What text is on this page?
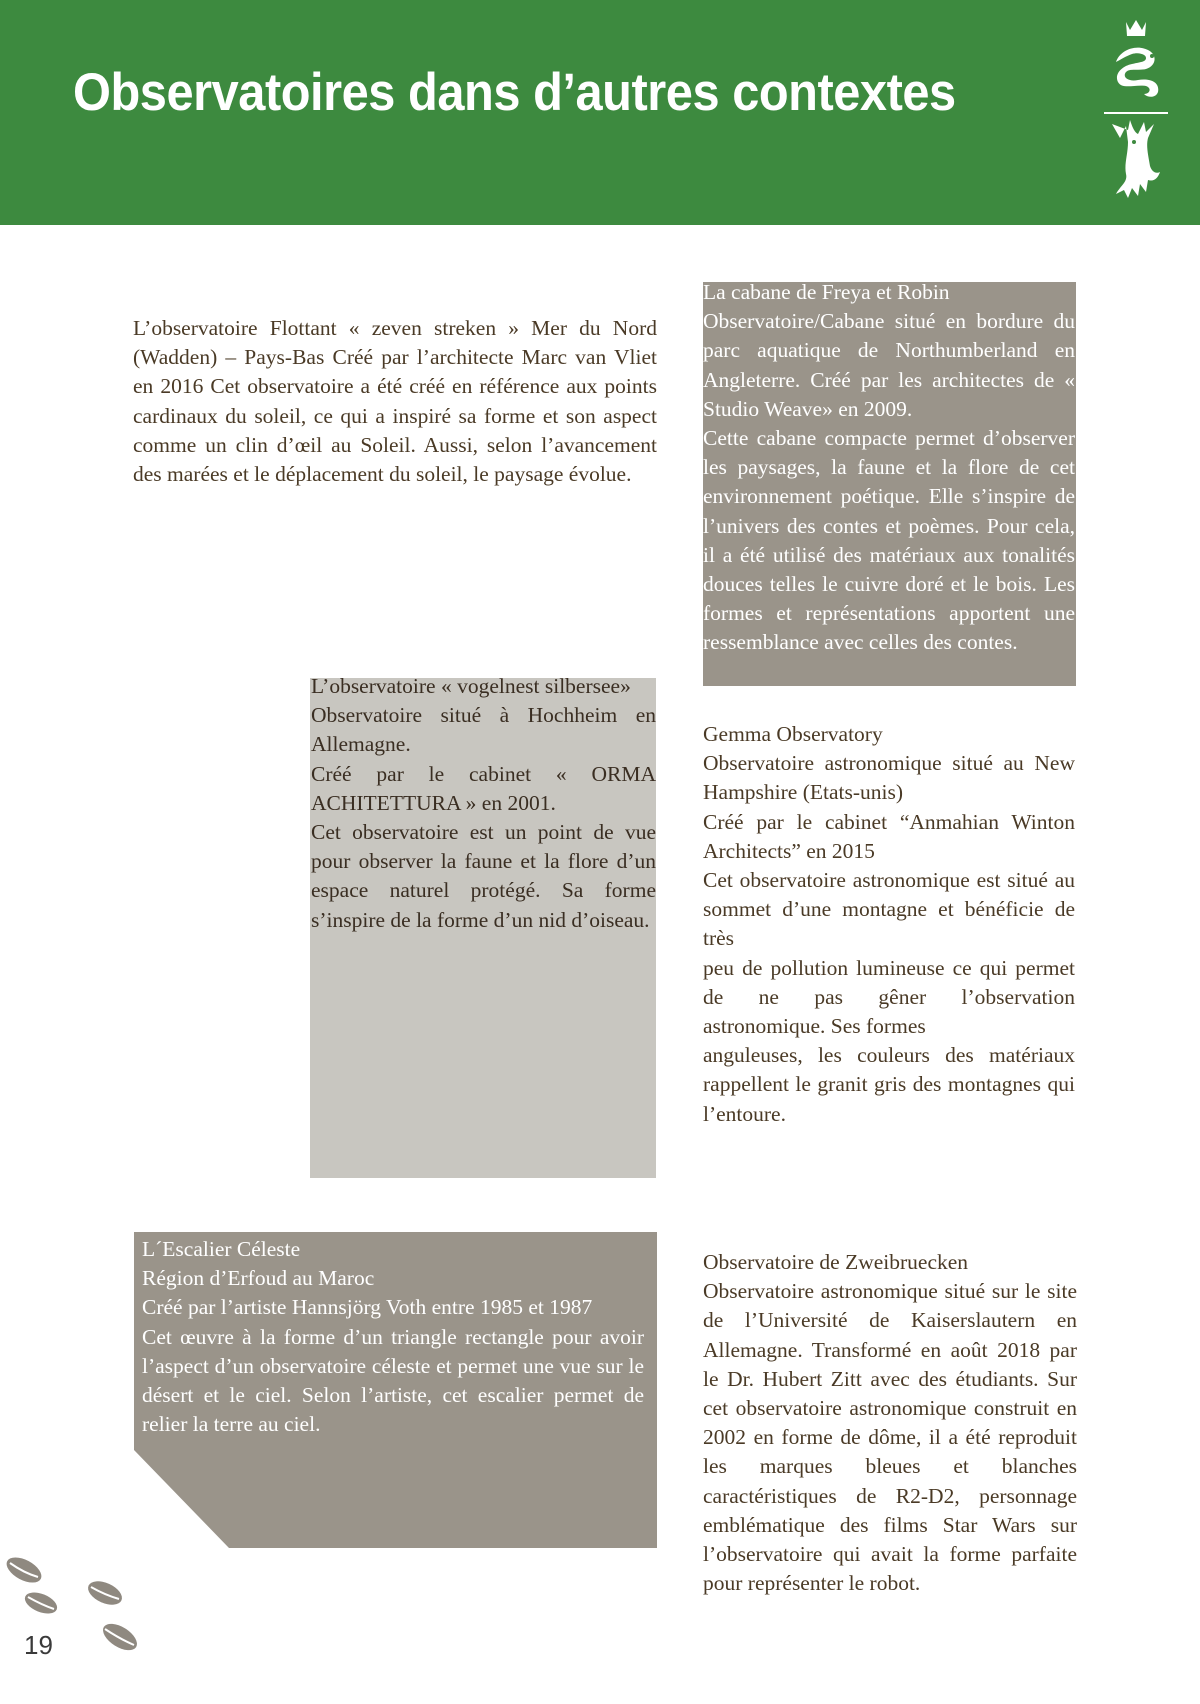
Observatoires dans d’autres contextes

L’observatoire Flottant « zeven streken » Mer du Nord (Wadden) – Pays-Bas Créé par l’architecte Marc van Vliet en 2016 Cet observatoire a été créé en référence aux points cardinaux du soleil, ce qui a inspiré sa forme et son aspect comme un clin d’œil au Soleil. Aussi, selon l’avancement des marées et le déplacement du soleil, le paysage évolue.

L’observatoire « vogelnest silbersee»

Observatoire situé à Hochheim en Allemagne.

Créé par le cabinet « ORMA ACHITETTURA » en 2001.

Cet observatoire est un point de vue pour observer la faune et la flore d’un espace naturel protégé. Sa forme s’inspire de la forme d’un nid d’oiseau.

La cabane de Freya et Robin

Observatoire/Cabane situé en bordure du parc aquatique de Northumberland en Angleterre. Créé par les architectes de « Studio Weave» en 2009.

Cette cabane compacte permet d’observer les paysages, la faune et la flore de cet environnement poétique. Elle s’inspire de l’univers des contes et poèmes. Pour cela, il a été utilisé des matériaux aux tonalités douces telles le cuivre doré et le bois. Les formes et représentations apportent une ressemblance avec celles des contes.

Gemma Observatory

Observatoire astronomique situé au New Hampshire (Etats-unis)

Créé par le cabinet “Anmahian Winton Architects” en 2015

Cet observatoire astronomique est situé au sommet d’une montagne et bénéficie de très

peu de pollution lumineuse ce qui permet de ne pas gêner l’observation astronomique. Ses formes

anguleuses, les couleurs des matériaux rappellent le granit gris des montagnes qui l’entoure.

L´Escalier Céleste

Région d’Erfoud au Maroc

Créé par l’artiste Hannsjörg Voth entre 1985 et 1987

Cet œuvre à la forme d’un triangle rectangle pour avoir l’aspect d’un observatoire céleste et permet une vue sur le désert et le ciel. Selon l’artiste, cet escalier permet de relier la terre au ciel.

Observatoire de Zweibruecken

Observatoire astronomique situé sur le site de l’Université de Kaiserslautern en Allemagne. Transformé en août 2018 par le Dr. Hubert Zitt avec des étudiants. Sur cet observatoire astronomique construit en 2002 en forme de dôme, il a été reproduit les marques bleues et blanches caractéristiques de R2-D2, personnage emblématique des films Star Wars sur l’observatoire qui avait la forme parfaite pour représenter le robot.

19
